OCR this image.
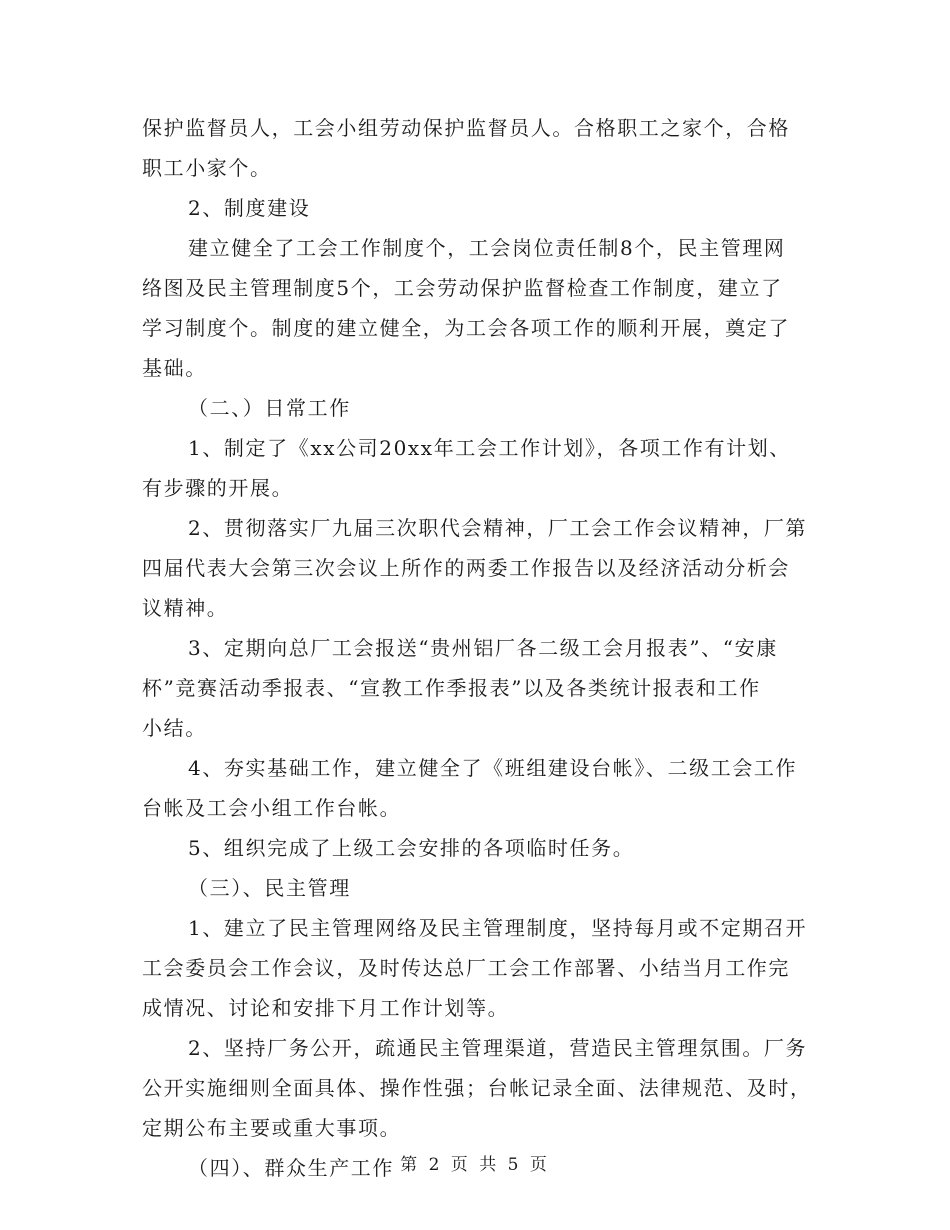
保护监督员人，工会小组劳动保护监督员人。合格职工之家个，合格
职工小家个。
2、制度建设
建立健全了工会工作制度个，工会岗位责任制8个，民主管理网
络图及民主管理制度5个，工会劳动保护监督检查工作制度，建立了
学习制度个。制度的建立健全，为工会各项工作的顺利开展，奠定了
基础。
（二、）日常工作
1、制定了《xx公司20xx年工会工作计划》，各项工作有计划、
有步骤的开展。
2、贯彻落实厂九届三次职代会精神，厂工会工作会议精神，厂第
四届代表大会第三次会议上所作的两委工作报告以及经济活动分析会
议精神。
3、定期向总厂工会报送“贵州铝厂各二级工会月报表”、“安康
杯”竞赛活动季报表、“宣教工作季报表”以及各类统计报表和工作
小结。
4、夯实基础工作，建立健全了《班组建设台帐》、二级工会工作
台帐及工会小组工作台帐。
5、组织完成了上级工会安排的各项临时任务。
（三）、民主管理
1、建立了民主管理网络及民主管理制度，坚持每月或不定期召开
工会委员会工作会议，及时传达总厂工会工作部署、小结当月工作完
成情况、讨论和安排下月工作计划等。
2、坚持厂务公开，疏通民主管理渠道，营造民主管理氛围。厂务
公开实施细则全面具体、操作性强；台帐记录全面、法律规范、及时，
定期公布主要或重大事项。
（四）、群众生产工作 第 2 页 共 5 页
